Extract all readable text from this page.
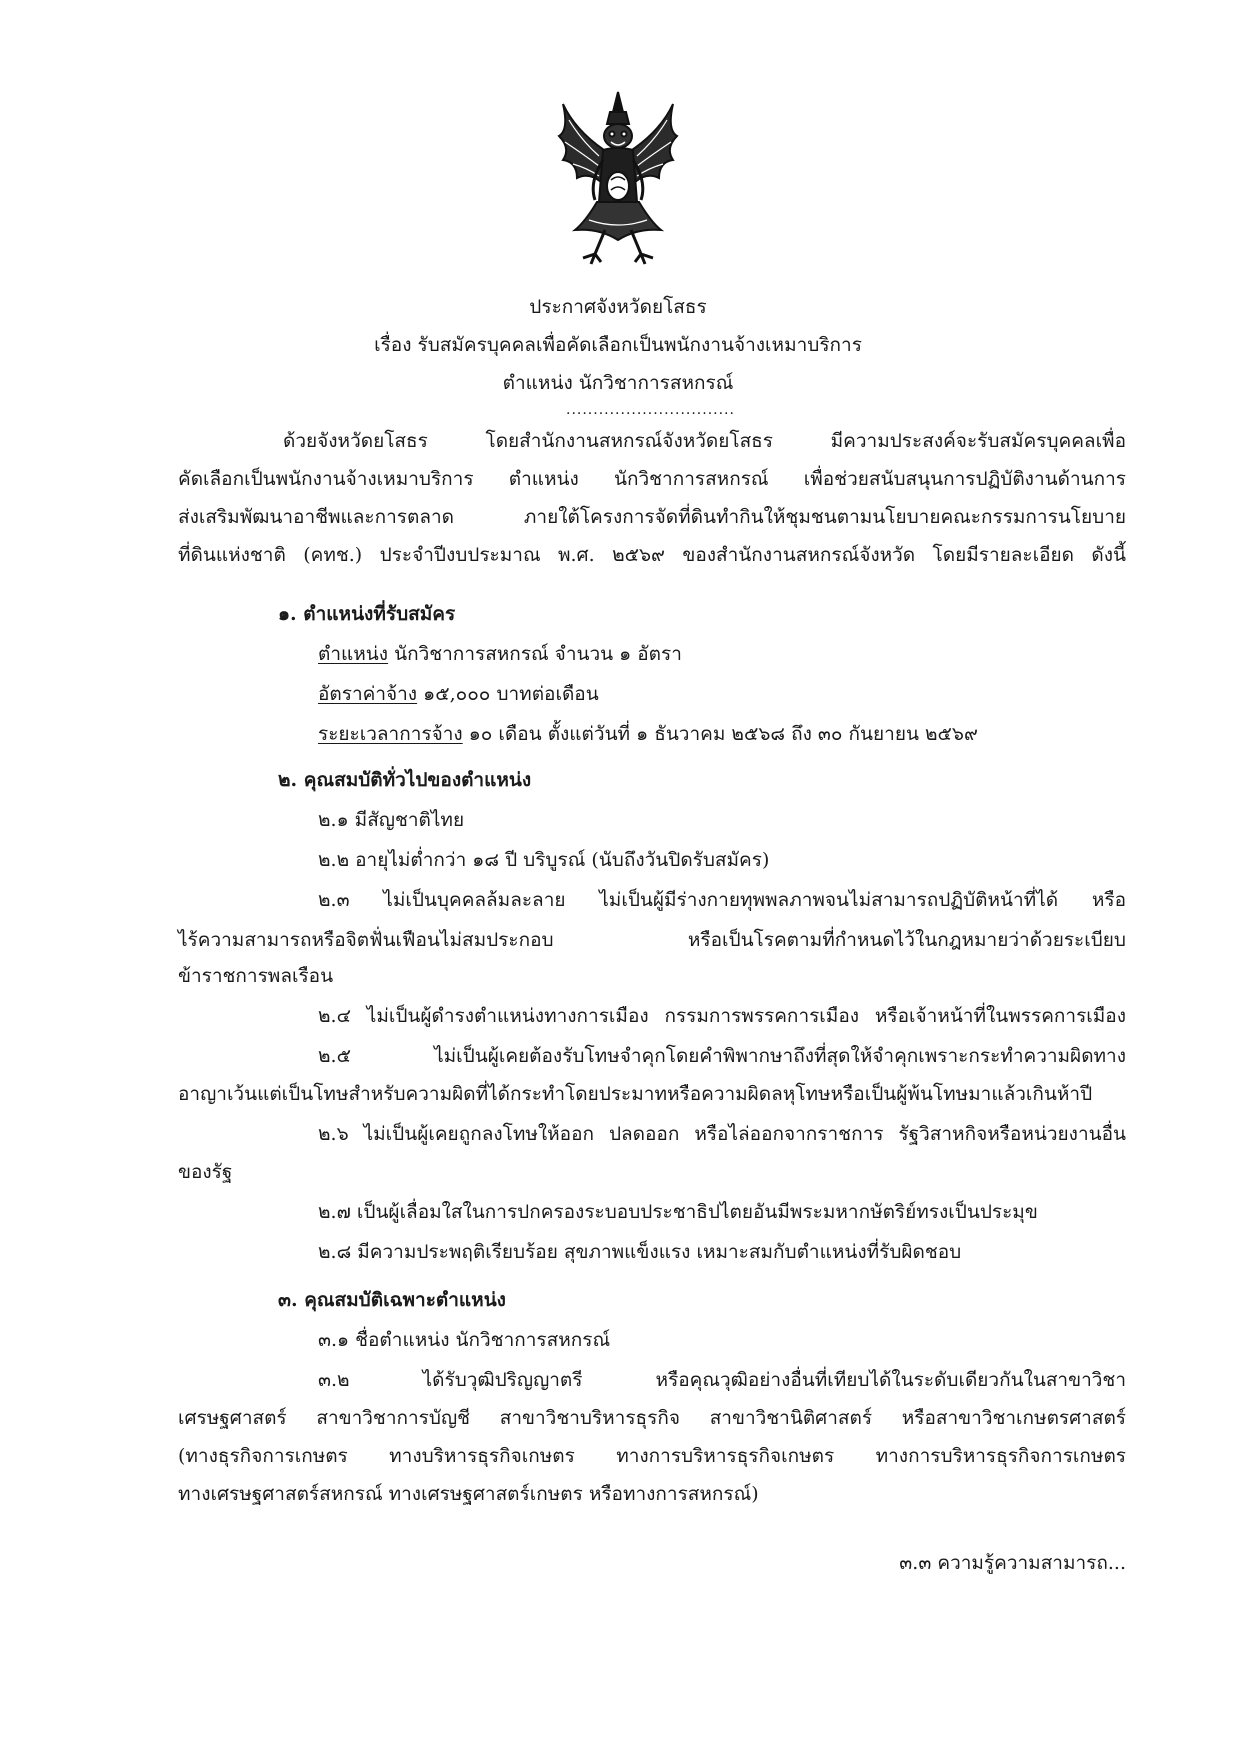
ประกาศจังหวัดยโสธร
เรื่อง รับสมัครบุคคลเพื่อคัดเลือกเป็นพนักงานจ้างเหมาบริการ
ตำแหน่ง นักวิชาการสหกรณ์
...............................
ด้วยจังหวัดยโสธร โดยสำนักงานสหกรณ์จังหวัดยโสธร มีความประสงค์จะรับสมัครบุคคลเพื่อ
คัดเลือกเป็นพนักงานจ้างเหมาบริการ ตำแหน่ง นักวิชาการสหกรณ์ เพื่อช่วยสนับสนุนการปฏิบัติงานด้านการ
ส่งเสริมพัฒนาอาชีพและการตลาด ภายใต้โครงการจัดที่ดินทำกินให้ชุมชนตามนโยบายคณะกรรมการนโยบาย
ที่ดินแห่งชาติ (คทช.) ประจำปีงบประมาณ พ.ศ. ๒๕๖๙ ของสำนักงานสหกรณ์จังหวัด โดยมีรายละเอียด ดังนี้
๑. ตำแหน่งที่รับสมัคร
ตำแหน่ง นักวิชาการสหกรณ์ จำนวน ๑ อัตรา
อัตราค่าจ้าง ๑๕,๐๐๐ บาทต่อเดือน
ระยะเวลาการจ้าง ๑๐ เดือน ตั้งแต่วันที่ ๑ ธันวาคม ๒๕๖๘ ถึง ๓๐ กันยายน ๒๕๖๙
๒. คุณสมบัติทั่วไปของตำแหน่ง
๒.๑ มีสัญชาติไทย
๒.๒ อายุไม่ต่ำกว่า ๑๘ ปี บริบูรณ์ (นับถึงวันปิดรับสมัคร)
๒.๓ ไม่เป็นบุคคลล้มละลาย ไม่เป็นผู้มีร่างกายทุพพลภาพจนไม่สามารถปฏิบัติหน้าที่ได้ หรือ
ไร้ความสามารถหรือจิตฟั่นเฟือนไม่สมประกอบ หรือเป็นโรคตามที่กำหนดไว้ในกฎหมายว่าด้วยระเบียบ
ข้าราชการพลเรือน
๒.๔ ไม่เป็นผู้ดำรงตำแหน่งทางการเมือง กรรมการพรรคการเมือง หรือเจ้าหน้าที่ในพรรคการเมือง
๒.๕ ไม่เป็นผู้เคยต้องรับโทษจำคุกโดยคำพิพากษาถึงที่สุดให้จำคุกเพราะกระทำความผิดทาง
อาญาเว้นแต่เป็นโทษสำหรับความผิดที่ได้กระทำโดยประมาทหรือความผิดลหุโทษหรือเป็นผู้พ้นโทษมาแล้วเกินห้าปี
๒.๖ ไม่เป็นผู้เคยถูกลงโทษให้ออก ปลดออก หรือไล่ออกจากราชการ รัฐวิสาหกิจหรือหน่วยงานอื่น
ของรัฐ
๒.๗ เป็นผู้เลื่อมใสในการปกครองระบอบประชาธิปไตยอันมีพระมหากษัตริย์ทรงเป็นประมุข
๒.๘ มีความประพฤติเรียบร้อย สุขภาพแข็งแรง เหมาะสมกับตำแหน่งที่รับผิดชอบ
๓. คุณสมบัติเฉพาะตำแหน่ง
๓.๑ ชื่อตำแหน่ง นักวิชาการสหกรณ์
๓.๒ ได้รับวุฒิปริญญาตรี หรือคุณวุฒิอย่างอื่นที่เทียบได้ในระดับเดียวกันในสาขาวิชา
เศรษฐศาสตร์ สาขาวิชาการบัญชี สาขาวิชาบริหารธุรกิจ สาขาวิชานิติศาสตร์ หรือสาขาวิชาเกษตรศาสตร์
(ทางธุรกิจการเกษตร ทางบริหารธุรกิจเกษตร ทางการบริหารธุรกิจเกษตร ทางการบริหารธุรกิจการเกษตร
ทางเศรษฐศาสตร์สหกรณ์ ทางเศรษฐศาสตร์เกษตร หรือทางการสหกรณ์)
๓.๓ ความรู้ความสามารถ...
